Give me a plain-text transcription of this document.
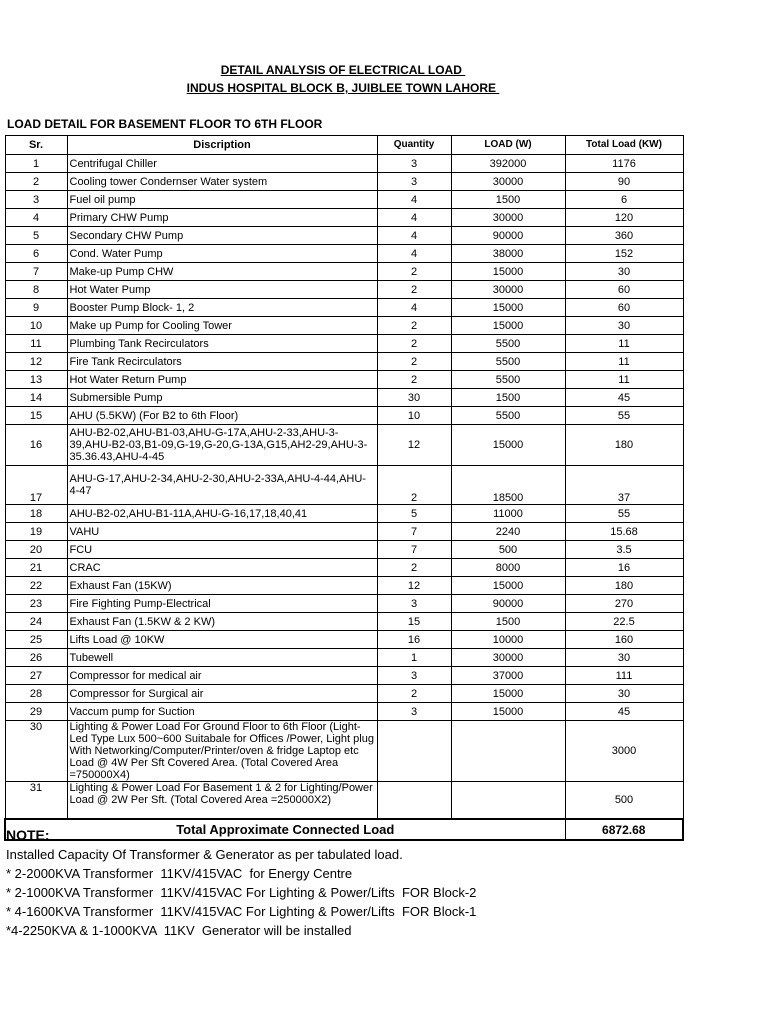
DETAIL ANALYSIS OF ELECTRICAL LOAD
INDUS HOSPITAL BLOCK B, JUIBLEE TOWN LAHORE
LOAD DETAIL FOR BASEMENT FLOOR TO 6TH FLOOR
Sr.	Discription	Quantity	LOAD (W)	Total Load (KW)
1	Centrifugal Chiller	3	392000	1176
2	Cooling tower Condernser Water system	3	30000	90
3	Fuel oil pump	4	1500	6
4	Primary CHW Pump	4	30000	120
5	Secondary CHW Pump	4	90000	360
6	Cond. Water Pump	4	38000	152
7	Make-up Pump CHW	2	15000	30
8	Hot Water Pump	2	30000	60
9	Booster Pump Block- 1, 2	4	15000	60
10	Make up Pump for Cooling Tower	2	15000	30
11	Plumbing Tank Recirculators	2	5500	11
12	Fire Tank Recirculators	2	5500	11
13	Hot Water Return Pump	2	5500	11
14	Submersible Pump	30	1500	45
15	AHU (5.5KW) (For B2 to 6th Floor)	10	5500	55
16	AHU-B2-02,AHU-B1-03,AHU-G-17A,AHU-2-33,AHU-3-39,AHU-B2-03,B1-09,G-19,G-20,G-13A,G15,AH2-29,AHU-3-35.36.43,AHU-4-45	12	15000	180
17	AHU-G-17,AHU-2-34,AHU-2-30,AHU-2-33A,AHU-4-44,AHU-4-47	2	18500	37
18	AHU-B2-02,AHU-B1-11A,AHU-G-16,17,18,40,41	5	11000	55
19	VAHU	7	2240	15.68
20	FCU	7	500	3.5
21	CRAC	2	8000	16
22	Exhaust Fan (15KW)	12	15000	180
23	Fire Fighting Pump-Electrical	3	90000	270
24	Exhaust Fan (1.5KW & 2 KW)	15	1500	22.5
25	Lifts Load @ 10KW	16	10000	160
26	Tubewell	1	30000	30
27	Compressor for medical air	3	37000	111
28	Compressor for Surgical air	2	15000	30
29	Vaccum pump for Suction	3	15000	45
30	Lighting & Power Load For Ground Floor to 6th Floor (Light-Led Type Lux 500~600 Suitabale for Offices /Power, Light plug With Networking/Computer/Printer/oven & fridge Laptop etc Load @ 4W Per Sft Covered Area. (Total Covered Area =750000X4)			3000
31	Lighting & Power Load For Basement 1 & 2 for Lighting/Power Load @ 2W Per Sft. (Total Covered Area =250000X2)			500
Total Approximate Connected Load				6872.68
NOTE:
Installed Capacity Of Transformer & Generator as per tabulated load.
* 2-2000KVA Transformer  11KV/415VAC  for Energy Centre
* 2-1000KVA Transformer  11KV/415VAC For Lighting & Power/Lifts  FOR Block-2
* 4-1600KVA Transformer  11KV/415VAC For Lighting & Power/Lifts  FOR Block-1
*4-2250KVA & 1-1000KVA  11KV  Generator will be installed
